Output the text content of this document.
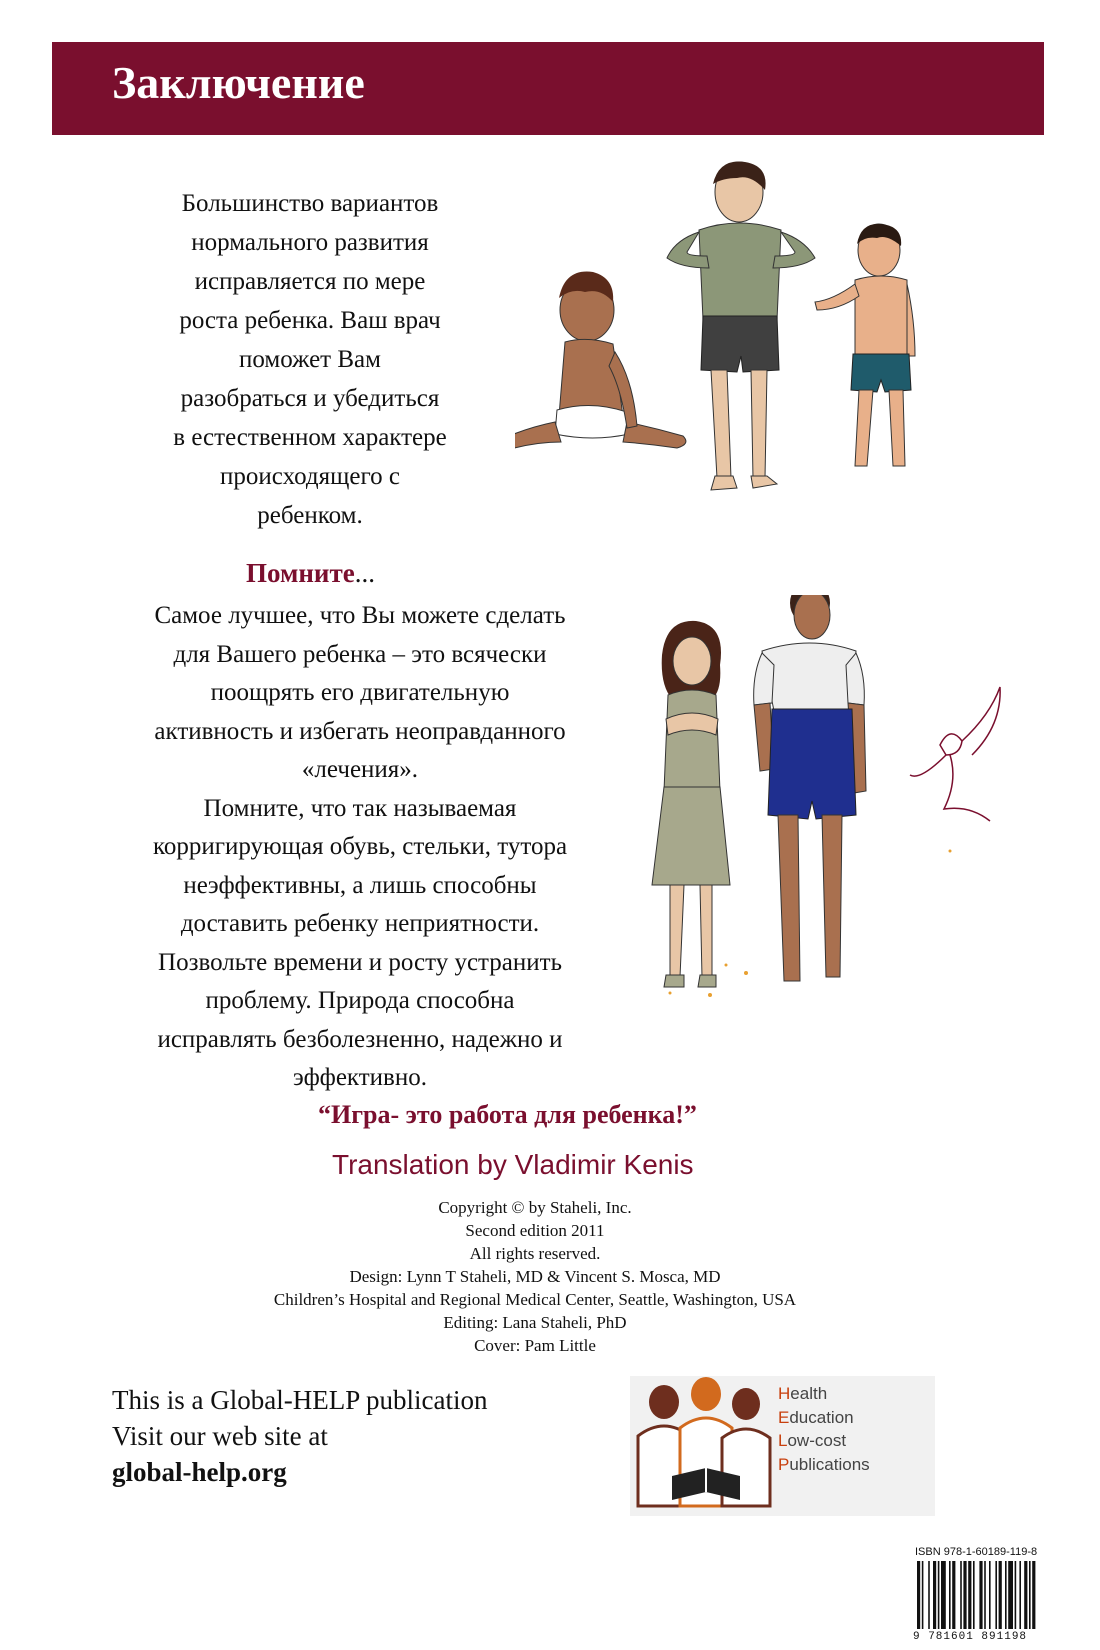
Заключение
Большинство вариантов
нормального развития
исправляется по мере
роста ребенка. Ваш врач
поможет Вам
разобраться и убедиться
в естественном характере
происходящего с
ребенком.
Помните...
Самое лучшее, что Вы можете сделать
для Вашего ребенка – это всячески
поощрять его двигательную
активность и избегать неоправданного
«лечения».
Помните, что так называемая
корригирующая обувь, стельки, тутора
неэффективны, а лишь способны
доставить ребенку неприятности.
Позвольте времени и росту устранить
проблему. Природа способна
исправлять безболезненно, надежно и
эффективно.
“Игра- это работа для ребенка!”
Translation by Vladimir Kenis
Copyright © by Staheli, Inc.
Second edition 2011
All rights reserved.
Design: Lynn T Staheli, MD & Vincent S. Mosca, MD
Children’s Hospital and Regional Medical Center, Seattle, Washington, USA
Editing: Lana Staheli, PhD
Cover: Pam Little
This is a Global-HELP publication
Visit our web site at
global-help.org
Health
Education
Low-cost
Publications
ISBN 978-1-60189-119-8
9 781601 891198
